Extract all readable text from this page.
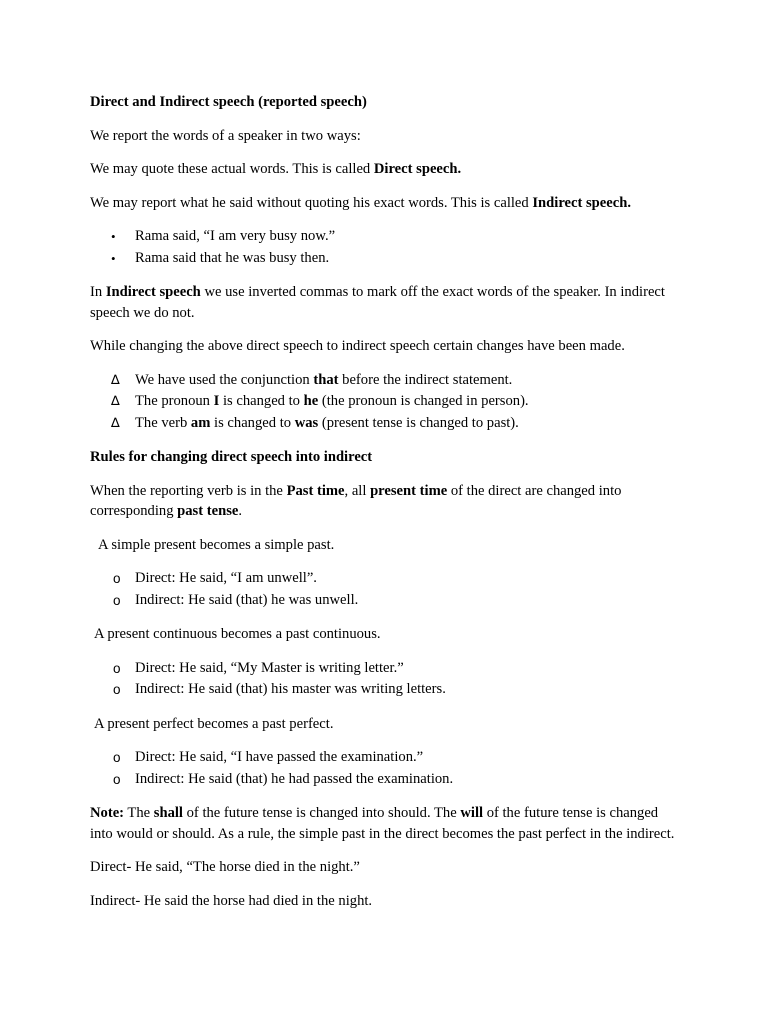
Direct and Indirect speech (reported speech)

We report the words of a speaker in two ways:

We may quote these actual words. This is called Direct speech.

We may report what he said without quoting his exact words. This is called Indirect speech.

•	Rama said, “I am very busy now.”
•	Rama said that he was busy then.

In Indirect speech we use inverted commas to mark off the exact words of the speaker. In indirect speech we do not.

While changing the above direct speech to indirect speech certain changes have been made.

∆	We have used the conjunction that before the indirect statement.
∆	The pronoun I is changed to he (the pronoun is changed in person).
∆	The verb am is changed to was (present tense is changed to past).

Rules for changing direct speech into indirect

When the reporting verb is in the Past time, all present time of the direct are changed into corresponding past tense.

A simple present becomes a simple past.

o Direct: He said, “I am unwell”.
o Indirect: He said (that) he was unwell.

A present continuous becomes a past continuous.

o Direct: He said, “My Master is writing letter.”
o Indirect: He said (that) his master was writing letters.

A present perfect becomes a past perfect.

o Direct: He said, “I have passed the examination.”
o Indirect: He said (that) he had passed the examination.

Note: The shall of the future tense is changed into should. The will of the future tense is changed into would or should. As a rule, the simple past in the direct becomes the past perfect in the indirect.

Direct- He said, “The horse died in the night.”

Indirect- He said the horse had died in the night.
